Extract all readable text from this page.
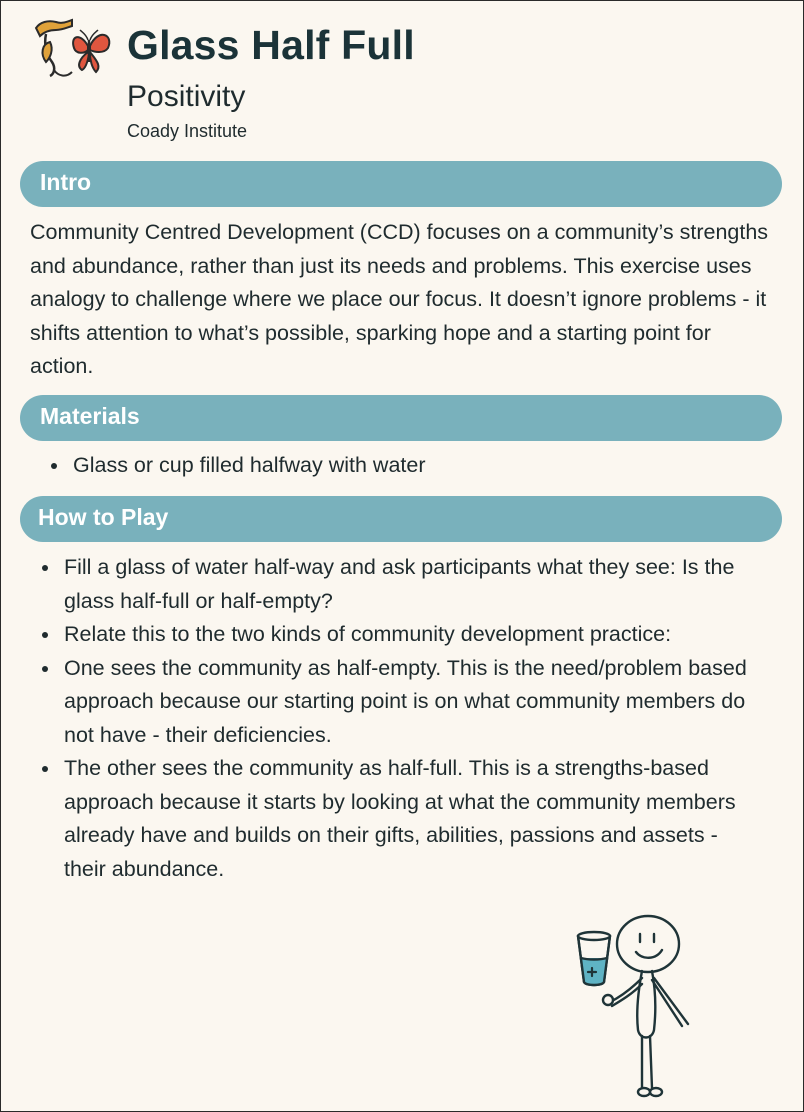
Glass Half Full
Positivity
Coady Institute
Intro

Community Centred Development (CCD) focuses on a community’s strengths and abundance, rather than just its needs and problems. This exercise uses analogy to challenge where we place our focus. It doesn’t ignore problems - it shifts attention to what’s possible, sparking hope and a starting point for action.

Materials
Glass or cup filled halfway with water
How to Play
Fill a glass of water half-way and ask participants what they see: Is the glass half-full or half-empty?
Relate this to the two kinds of community development practice:
One sees the community as half-empty. This is the need/problem based approach because our starting point is on what community members do not have - their deficiencies.
The other sees the community as half-full. This is a strengths-based approach because it starts by looking at what the community members already have and builds on their gifts, abilities, passions and assets - their abundance.
